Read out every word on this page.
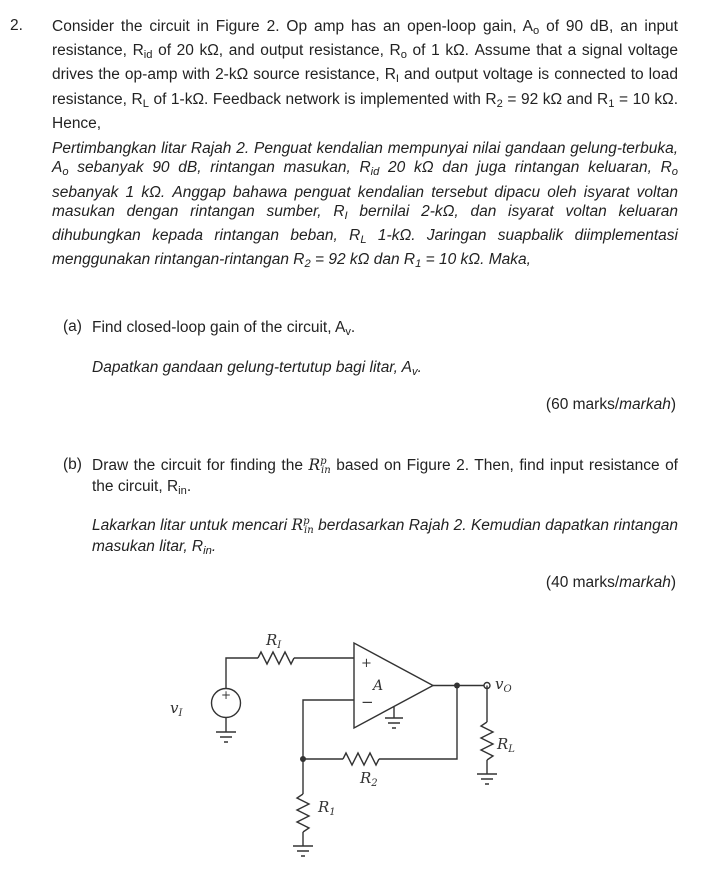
2. Consider the circuit in Figure 2. Op amp has an open-loop gain, $A_o$ of 90 dB, an input resistance, $R_{id}$ of 20 kΩ, and output resistance, $R_o$ of 1 kΩ. Assume that a signal voltage drives the op-amp with 2-kΩ source resistance, $R_I$ and output voltage is connected to load resistance, $R_L$ of 1-kΩ. Feedback network is implemented with $R_2 = 92$ kΩ and $R_1 = 10$ kΩ. Hence,

Pertimbangkan litar Rajah 2. Penguat kendalian mempunyai nilai gandaan gelung-terbuka, $A_o$ sebanyak 90 dB, rintangan masukan, $R_{id}$ 20 kΩ dan juga rintangan keluaran, $R_o$ sebanyak 1 kΩ. Anggap bahawa penguat kendalian tersebut dipacu oleh isyarat voltan masukan dengan rintangan sumber, $R_I$ bernilai 2-kΩ, dan isyarat voltan keluaran dihubungkan kepada rintangan beban, $R_L$ 1-kΩ. Jaringan suapbalik diimplementasi menggunakan rintangan-rintangan $R_2 = 92$ kΩ dan $R_1 = 10$ kΩ. Maka,

(a) Find closed-loop gain of the circuit, $A_v$.

Dapatkan gandaan gelung-tertutup bagi litar, $A_v$.

(60 marks/markah)
(b) Draw the circuit for finding the $R^pin$ based on Figure 2. Then, find input resistance of the circuit, $R_{in}$.

Lakarkan litar untuk mencari $R^pin$ berdasarkan Rajah 2. Kemudian dapatkan rintangan masukan litar, $R_{in}$.

(40 marks/markah)
+
$v_I$
$R_I$
+
−
A	$v_O$
$R_L$
$R_2$
$R_1$
